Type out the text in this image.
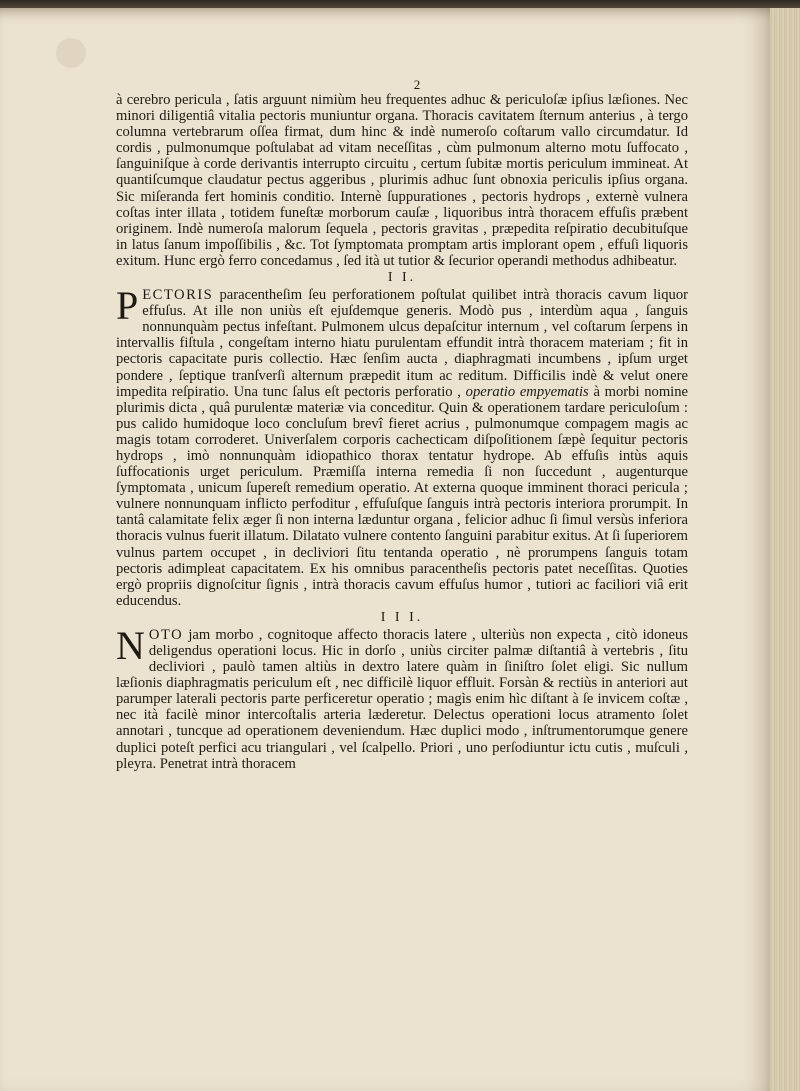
2

à cerebro pericula , ſatis arguunt nimiùm heu frequentes adhuc & periculoſæ ipſius læſiones. Nec minori diligentiâ vitalia pectoris muniuntur organa. Thoracis cavitatem ſternum anterius , à tergo columna vertebrarum oſſea firmat, dum hinc & indè numeroſo coſtarum vallo circumdatur. Id cordis , pulmonumque poſtulabat ad vitam neceſſitas , cùm pulmonum alterno motu ſuffocato , ſanguiniſque à corde derivantis interrupto circuitu , certum ſubitæ mortis periculum immineat. At quantiſcumque claudatur pectus aggeribus , plurimis adhuc ſunt obnoxia periculis ipſius organa. Sic miſeranda fert hominis conditio. Internè ſuppurationes , pectoris hydrops , externè vulnera coſtas inter illata , totidem funeſtæ morborum cauſæ , liquoribus intrà thoracem effuſis præbent originem. Indè numeroſa malorum ſequela , pectoris gravitas , præpedita reſpiratio decubituſque in latus ſanum impoſſibilis , &c. Tot ſymptomata promptam artis implorant opem , effuſi liquoris exitum. Hunc ergò ferro concedamus , ſed ità ut tutior & ſecurior operandi methodus adhibeatur.

I I.

PECTORIS paracentheſim ſeu perforationem poſtulat quilibet intrà thoracis cavum liquor effuſus. At ille non uniùs eſt ejuſdemque generis. Modò pus , interdùm aqua , ſanguis nonnunquàm pectus infeſtant. Pulmonem ulcus depaſcitur internum , vel coſtarum ſerpens in intervallis fiſtula , congeſtam interno hiatu purulentam effundit intrà thoracem materiam ; fit in pectoris capacitate puris collectio. Hæc ſenſim aucta , diaphragmati incumbens , ipſum urget pondere , ſeptique tranſverſi alternum præpedit itum ac reditum. Difficilis indè & velut onere impedita reſpiratio. Una tunc ſalus eſt pectoris perforatio , operatio empyematis à morbi nomine plurimis dicta , quâ purulentæ materiæ via conceditur. Quin & operationem tardare periculoſum : pus calido humidoque loco concluſum brevî fieret acrius , pulmonumque compagem magis ac magis totam corroderet. Univerſalem corporis cachecticam diſpoſitionem ſæpè ſequitur pectoris hydrops , imò nonnunquàm idiopathico thorax tentatur hydrope. Ab effuſis intùs aquis ſuffocationis urget periculum. Præmiſſa interna remedia ſi non ſuccedunt , augenturque ſymptomata , unicum ſupereſt remedium operatio. At externa quoque imminent thoraci pericula ; vulnere nonnunquam inflicto perfoditur , effuſuſque ſanguis intrà pectoris interiora prorumpit. In tantâ calamitate felix æger ſi non interna læduntur organa , felicior adhuc ſi ſimul versùs inferiora thoracis vulnus fuerit illatum. Dilatato vulnere contento ſanguini parabitur exitus. At ſi ſuperiorem vulnus partem occupet , in decliviori ſitu tentanda operatio , nè prorumpens ſanguis totam pectoris adimpleat capacitatem. Ex his omnibus paracentheſis pectoris patet neceſſitas. Quoties ergò propriis dignoſcitur ſignis , intrà thoracis cavum effuſus humor , tutiori ac faciliori viâ erit educendus.

I I I.

NOTO jam morbo , cognitoque affecto thoracis latere , ulteriùs non expecta , citò idoneus deligendus operationi locus. Hic in dorſo , uniùs circiter palmæ diſtantiâ à vertebris , ſitu decliviori , paulò tamen altiùs in dextro latere quàm in ſiniſtro ſolet eligi. Sic nullum læſionis diaphragmatis periculum eſt , nec difficilè liquor effluit. Forsàn & rectiùs in anteriori aut parumper laterali pectoris parte perficeretur operatio ; magìs enim hìc diſtant à ſe invicem coſtæ , nec ità facilè minor intercoſtalis arteria læderetur. Delectus operationi locus atramento ſolet annotari , tuncque ad operationem deveniendum. Hæc duplici modo , inſtrumentorumque genere duplici poteſt perfici acu triangulari , vel ſcalpello. Priori , uno perſodiuntur ictu cutis , muſculi , pleyra. Penetrat intrà thoracem
